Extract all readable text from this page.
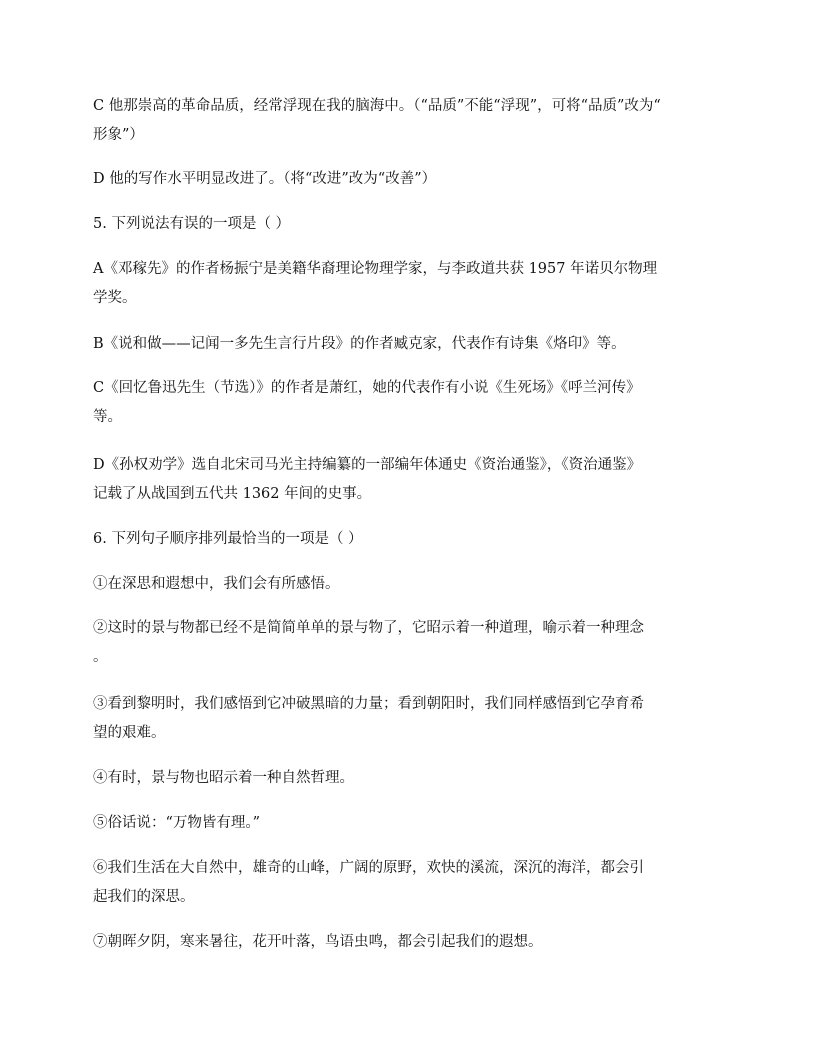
C 他那崇高的革命品质，经常浮现在我的脑海中。（“品质”不能“浮现”，可将“品质”改为“
形象”）
D 他的写作水平明显改进了。（将“改进”改为“改善”）
5. 下列说法有误的一项是（ ）
A《邓稼先》的作者杨振宁是美籍华裔理论物理学家，与李政道共获 1957 年诺贝尔物理
学奖。
B《说和做——记闻一多先生言行片段》的作者臧克家，代表作有诗集《烙印》等。
C《回忆鲁迅先生（节选）》的作者是萧红，她的代表作有小说《生死场》《呼兰河传》
等。
D《孙权劝学》选自北宋司马光主持编纂的一部编年体通史《资治通鉴》，《资治通鉴》
记载了从战国到五代共 1362 年间的史事。
6. 下列句子顺序排列最恰当的一项是（ ）
①在深思和遐想中，我们会有所感悟。
②这时的景与物都已经不是简简单单的景与物了，它昭示着一种道理，喻示着一种理念
。
③看到黎明时，我们感悟到它冲破黑暗的力量；看到朝阳时，我们同样感悟到它孕育希
望的艰难。
④有时，景与物也昭示着一种自然哲理。
⑤俗话说：“万物皆有理。”
⑥我们生活在大自然中，雄奇的山峰，广阔的原野，欢快的溪流，深沉的海洋，都会引
起我们的深思。
⑦朝晖夕阴，寒来暑往，花开叶落，鸟语虫鸣，都会引起我们的遐想。
